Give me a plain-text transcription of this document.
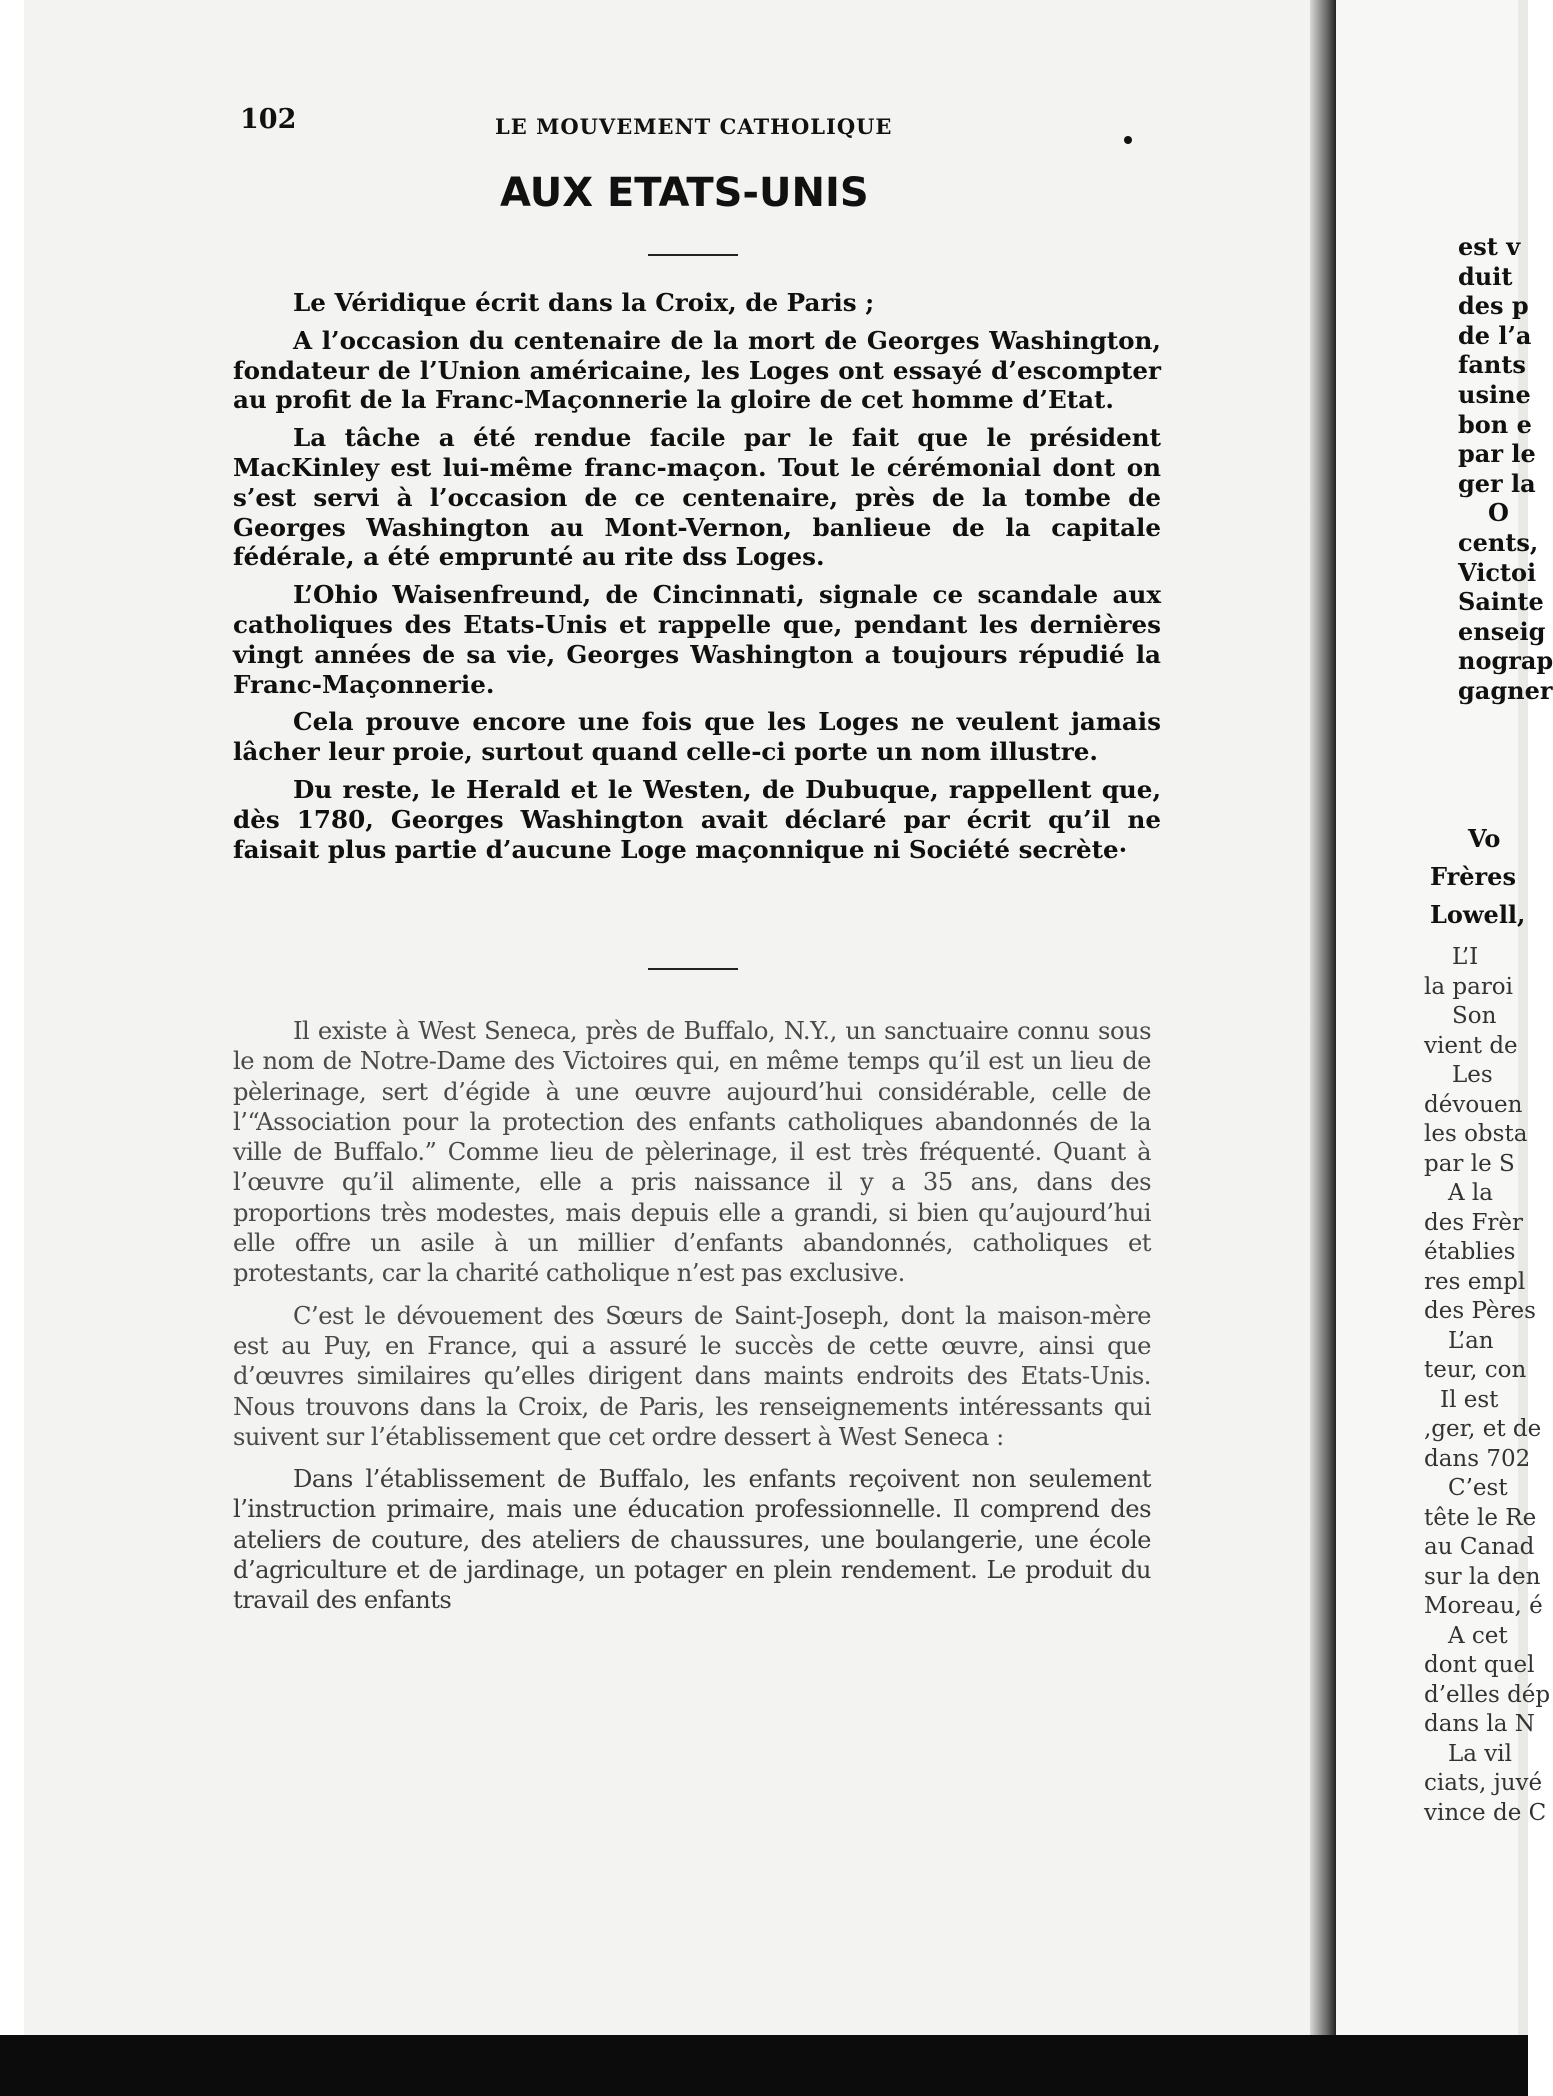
102	LE MOUVEMENT CATHOLIQUE
AUX ETATS-UNIS

Le Véridique écrit dans la Croix, de Paris ;

A l’occasion du centenaire de la mort de Georges Washington, fondateur de l’Union américaine, les Loges ont essayé d’escompter au profit de la Franc-Maçonnerie la gloire de cet homme d’Etat.

La tâche a été rendue facile par le fait que le président MacKinley est lui-même franc-maçon. Tout le cérémonial dont on s’est servi à l’occasion de ce centenaire, près de la tombe de Georges Washington au Mont-Vernon, banlieue de la capitale fédérale, a été emprunté au rite dss Loges.

L’Ohio Waisenfreund, de Cincinnati, signale ce scandale aux catholiques des Etats-Unis et rappelle que, pendant les dernières vingt années de sa vie, Georges Washington a toujours répudié la Franc-Maçonnerie.

Cela prouve encore une fois que les Loges ne veulent jamais lâcher leur proie, surtout quand celle-ci porte un nom illustre.

Du reste, le Herald et le Westen, de Dubuque, rappellent que, dès 1780, Georges Washington avait déclaré par écrit qu’il ne faisait plus partie d’aucune Loge maçonnique ni Société secrète·

Il existe à West Seneca, près de Buffalo, N.Y., un sanctuaire connu sous le nom de Notre-Dame des Victoires qui, en même temps qu’il est un lieu de pèlerinage, sert d’égide à une œuvre aujourd’hui considérable, celle de l’“Association pour la protection des enfants catholiques abandonnés de la ville de Buffalo.” Comme lieu de pèlerinage, il est très fréquenté. Quant à l’œuvre qu’il alimente, elle a pris naissance il y a 35 ans, dans des proportions très modestes, mais depuis elle a grandi, si bien qu’aujourd’hui elle offre un asile à un millier d’enfants abandonnés, catholiques et protestants, car la charité catholique n’est pas exclusive.

C’est le dévouement des Sœurs de Saint-Joseph, dont la maison-mère est au Puy, en France, qui a assuré le succès de cette œuvre, ainsi que d’œuvres similaires qu’elles dirigent dans maints endroits des Etats-Unis. Nous trouvons dans la Croix, de Paris, les renseignements intéressants qui suivent sur l’établissement que cet ordre dessert à West Seneca :

Dans l’établissement de Buffalo, les enfants reçoivent non seulement l’instruction primaire, mais une éducation professionnelle. Il comprend des ateliers de couture, des ateliers de chaussures, une boulangerie, une école d’agriculture et de jardinage, un potager en plein rendement. Le produit du travail des enfants

est v
duit
des p
de l’a
fants
usine
bon e
par le
ger la
O
cents,
Victoi
Sainte
enseig
nograp
gagner
Vo
Frères
Lowell,
L’I
la paroi
Son
vient de
Les
dévouen
les obsta
par le S
A la
des Frèr
établies
res empl
des Pères
L’an
teur, con
Il est
,ger, et de
dans 702
C’est
tête le Re
au Canad
sur la den
Moreau, é
A cet
dont quel
d’elles dép
dans la N
La vil
ciats, juvé
vince de C
